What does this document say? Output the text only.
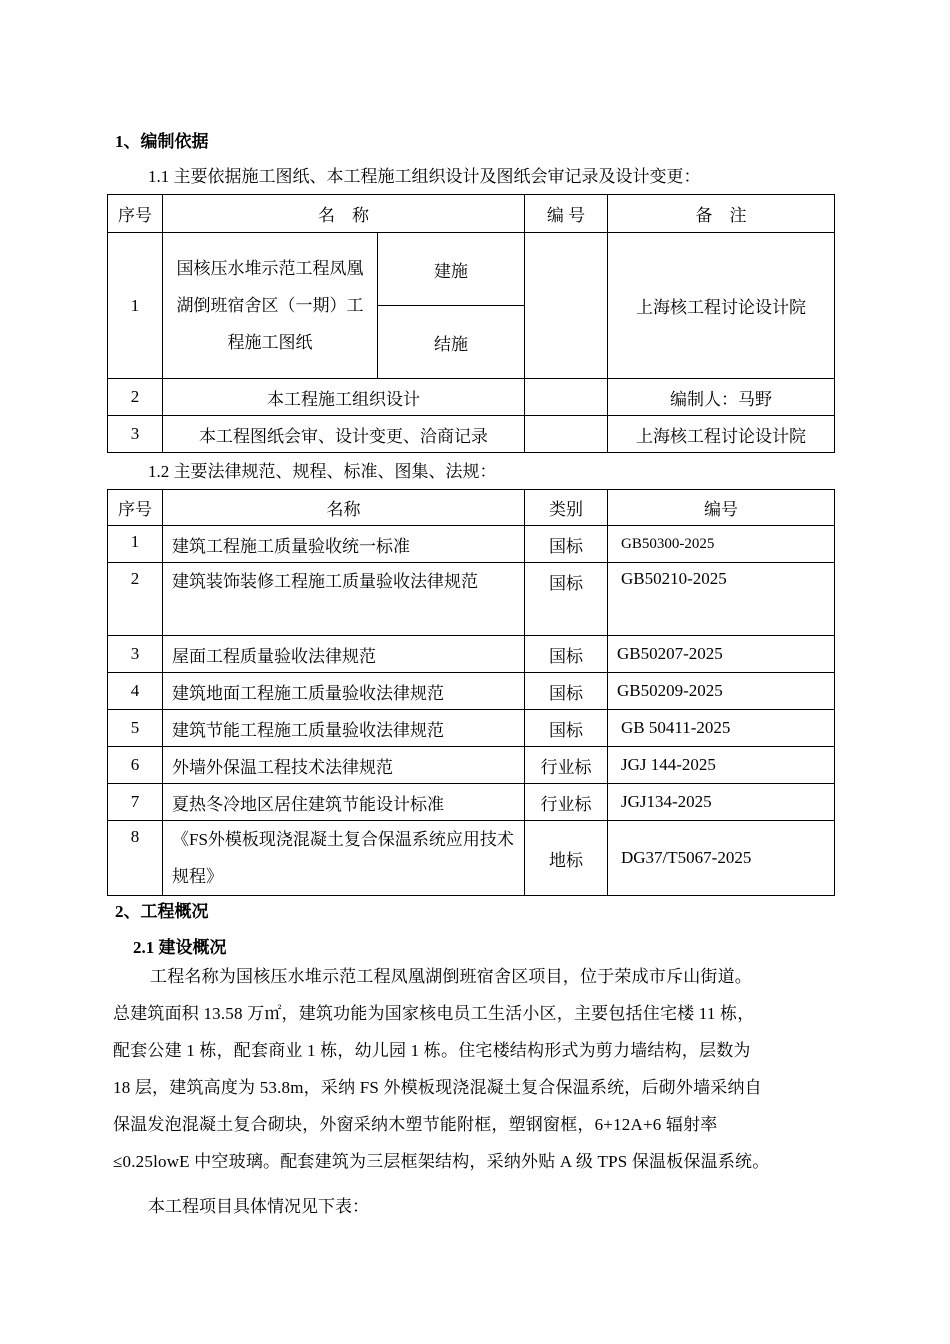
1、编制依据
1.1 主要依据施工图纸、本工程施工组织设计及图纸会审记录及设计变更：
序号	名　称		编 号	备　注
1	国核压水堆示范工程凤凰湖倒班宿舍区（一期）工程施工图纸	建施		上海核工程讨论设计院
		结施		
2	本工程施工组织设计			编制人：马野
3	本工程图纸会审、设计变更、洽商记录			上海核工程讨论设计院
1.2 主要法律规范、规程、标准、图集、法规：
序号	名称	类别	编号
1	建筑工程施工质量验收统一标准	国标	GB50300-2025
2	建筑装饰装修工程施工质量验收法律规范	国标	GB50210-2025
3	屋面工程质量验收法律规范	国标	GB50207-2025
4	建筑地面工程施工质量验收法律规范	国标	GB50209-2025
5	建筑节能工程施工质量验收法律规范	国标	GB 50411-2025
6	外墙外保温工程技术法律规范	行业标	JGJ 144-2025
7	夏热冬冷地区居住建筑节能设计标准	行业标	JGJ134-2025
8	《FS外模板现浇混凝土复合保温系统应用技术规程》	地标	DG37/T5067-2025
2、工程概况
2.1 建设概况
工程名称为国核压水堆示范工程凤凰湖倒班宿舍区项目，位于荣成市斥山街道。
总建筑面积 13.58 万㎡，建筑功能为国家核电员工生活小区，主要包括住宅楼 11 栋，
配套公建 1 栋，配套商业 1 栋，幼儿园 1 栋。住宅楼结构形式为剪力墙结构，层数为
18 层，建筑高度为 53.8m，采纳 FS 外模板现浇混凝土复合保温系统，后砌外墙采纳自
保温发泡混凝土复合砌块，外窗采纳木塑节能附框，塑钢窗框，6+12A+6 辐射率
≤0.25lowE 中空玻璃。配套建筑为三层框架结构，采纳外贴 A 级 TPS 保温板保温系统。
本工程项目具体情况见下表：
